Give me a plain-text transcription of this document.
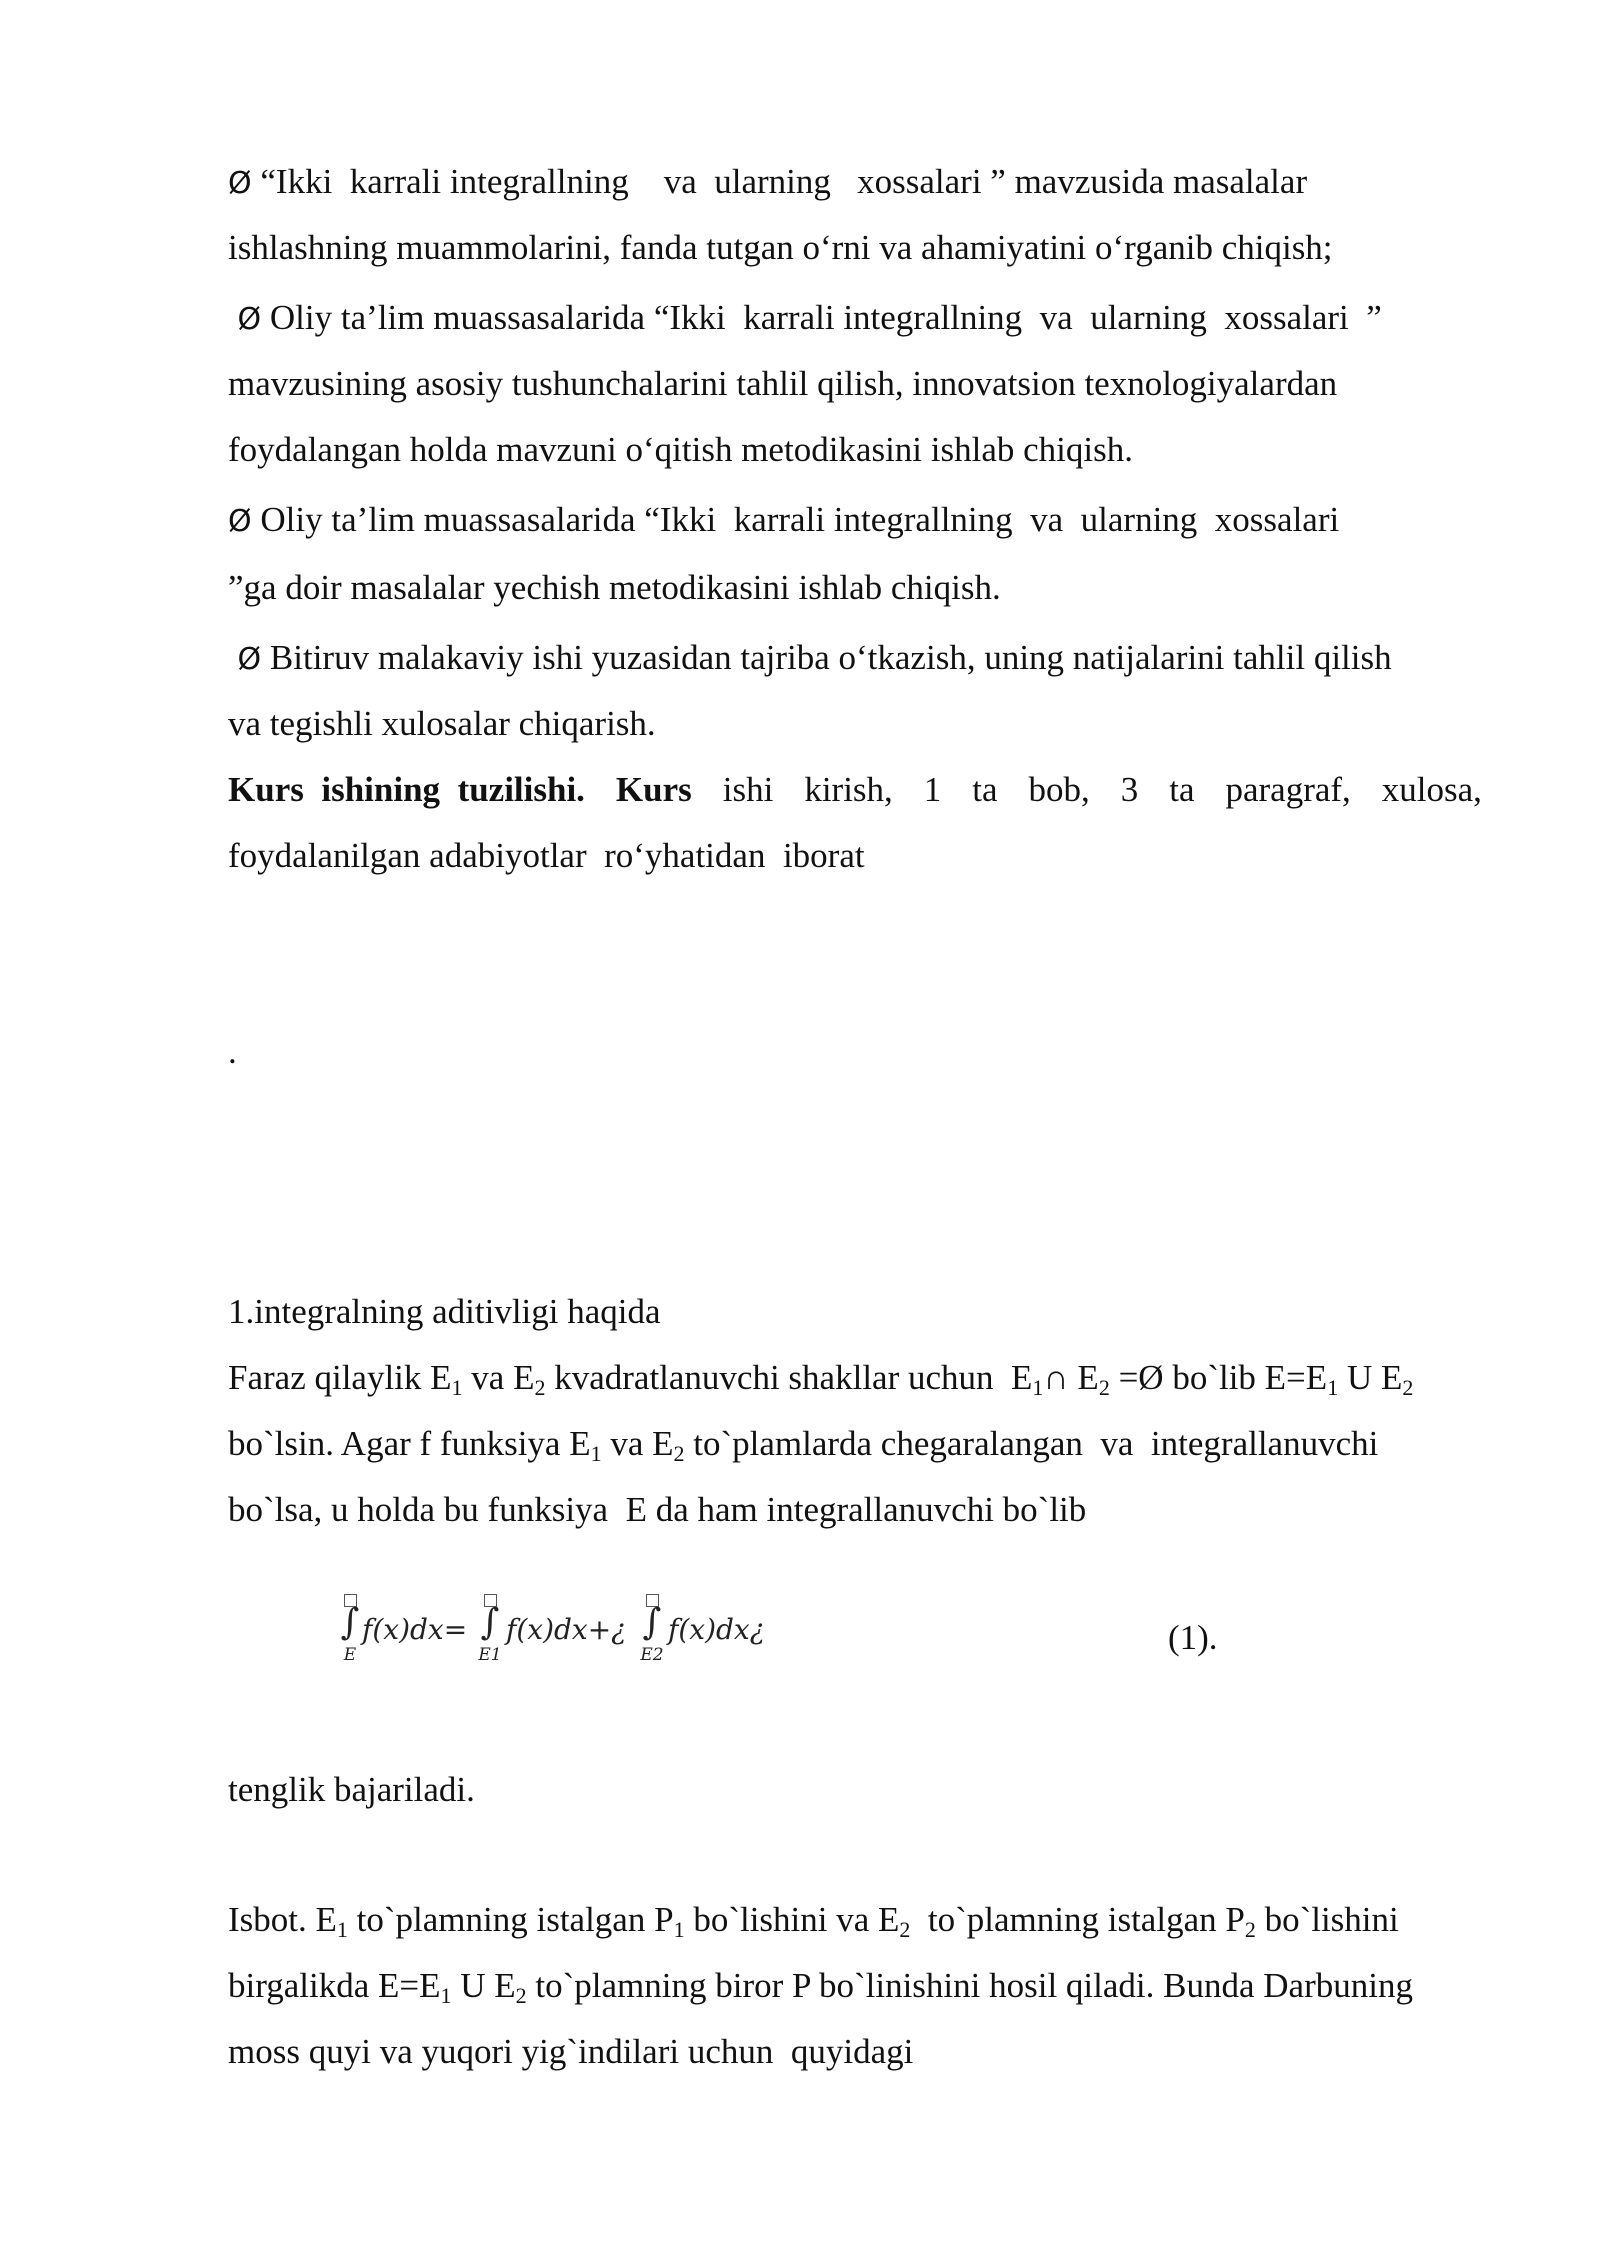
Ø “Ikki  karrali integrallning    va  ularning   xossalari ” mavzusida masalalar
ishlashning muammolarini, fanda tutgan o‘rni va ahamiyatini o‘rganib chiqish;
Ø Oliy ta’lim muassasalarida “Ikki  karrali integrallning  va  ularning  xossalari  ”
mavzusining asosiy tushunchalarini tahlil qilish, innovatsion texnologiyalardan
foydalangan holda mavzuni o‘qitish metodikasini ishlab chiqish.
Ø Oliy ta’lim muassasalarida “Ikki  karrali integrallning  va  ularning  xossalari
”ga doir masalalar yechish metodikasini ishlab chiqish.
Ø Bitiruv malakaviy ishi yuzasidan tajriba o‘tkazish, uning natijalarini tahlil qilish
va tegishli xulosalar chiqarish.
Kurs  ishining  tuzilishi. Kurs ishi kirish, 1 ta bob, 3 ta paragraf, xulosa,
foydalanilgan adabiyotlar  ro‘yhatidan  iborat
.
1.integralning aditivligi haqida
Faraz qilaylik $E_1$ va $E_2$ kvadratlanuvchi shakllar uchun  $E_1\cap$ $E_2$ =Ø bo`lib $E=E_1$ U $E_2$
bo`lsin. Agar f funksiya $E_1$ va $E_2$ to`plamlarda chegaralangan  va  integrallanuvchi
bo`lsa, u holda bu funksiya  E da ham integrallanuvchi bo`lib
∫
E
f(x)dx= ∫
E1
f(x)dx+¿ ∫
E2
f(x)dx¿	(1).
tenglik bajariladi.
Isbot. $E_1$ to`plamning istalgan $P_1$ bo`lishini va $E_2$  to`plamning istalgan $P_2$ bo`lishini
birgalikda $E=E_1$ U $E_2$ to`plamning biror P bo`linishini hosil qiladi. Bunda Darbuning
moss quyi va yuqori yig`indilari uchun  quyidagi
